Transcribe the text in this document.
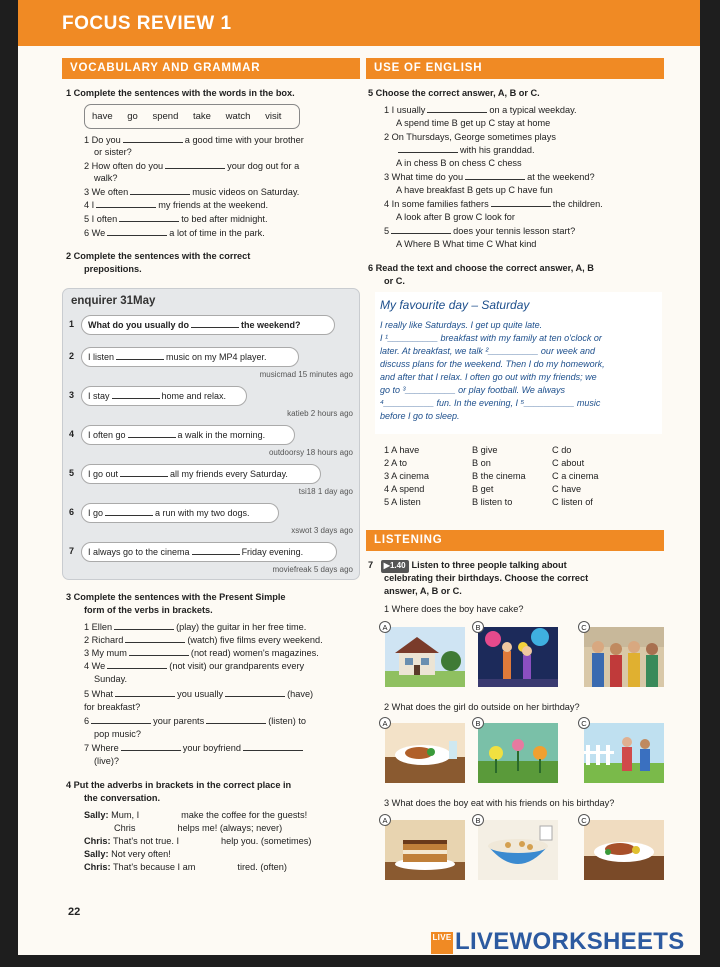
FOCUS REVIEW 1
VOCABULARY AND GRAMMAR
1 Complete the sentences with the words in the box.
have go spend take watch visit
1 Do you	a good time with your brother
or sister?
2 How often do you	your dog out for a
walk?
3 We often	music videos on Saturday.
4 I	my friends at the weekend.
5 I often	to bed after midnight.
6 We	a lot of time in the park.
2 Complete the sentences with the correct
prepositions.
enquirer 31May
1	What do you usually do	the weekend?
2	I listen	music on my MP4 player.
musicmad 15 minutes ago
3	I stay	home and relax.
katieb 2 hours ago
4	I often go	a walk in the morning.
outdoorsy 18 hours ago
5	I go out	all my friends every Saturday.
tsi18 1 day ago
6	I go	a run with my two dogs.
xswot 3 days ago
7	I always go to the cinema	Friday evening.
moviefreak 5 days ago
3 Complete the sentences with the Present Simple
form of the verbs in brackets.
1 Ellen	(play) the guitar in her free time.
2 Richard	(watch) five films every weekend.
3 My mum	(not read) women's magazines.
4 We	(not visit) our grandparents every
Sunday.
5 What	you usually	(have)
for breakfast?
6	your parents	(listen) to
pop music?
7 Where	your boyfriend
(live)?
4 Put the adverbs in brackets in the correct place in
the conversation.
Sally: Mum, I	make the coffee for the guests!
Chris	helps me! (always; never)
Chris: That's not true. I	help you. (sometimes)
Sally: Not very often!
Chris: That's because I am	tired. (often)
22
USE OF ENGLISH
5 Choose the correct answer, A, B or C.
1 I usually	on a typical weekday.
A spend time B get up C stay at home
2 On Thursdays, George sometimes plays
with his granddad.
A in chess B on chess C chess
3 What time do you	at the weekend?
A have breakfast B gets up C have fun
4 In some families fathers	the children.
A look after B grow C look for
5	does your tennis lesson start?
A Where B What time C What kind
6 Read the text and choose the correct answer, A, B
or C.
My favourite day – Saturday
I really like Saturdays. I get up quite late.
I ¹__________ breakfast with my family at ten o'clock or
later. At breakfast, we talk ²__________ our week and
discuss plans for the weekend. Then I do my homework,
and after that I relax. I often go out with my friends; we
go to ³__________ or play football. We always
⁴__________ fun. In the evening, I ⁵__________ music
before I go to sleep.
1 A have	B give	C do
2 A to	B on	C about
3 A cinema	B the cinema	C a cinema
4 A spend	B get	C have
5 A listen	B listen to	C listen of
LISTENING
7 ▶1.40 Listen to three people talking about
celebrating their birthdays. Choose the correct
answer, A, B or C.
1 Where does the boy have cake?
A	B	C
2 What does the girl do outside on her birthday?
A	B	C
3 What does the boy eat with his friends on his birthday?
A	B	C
LIVE LIVEWORKSHEETS
